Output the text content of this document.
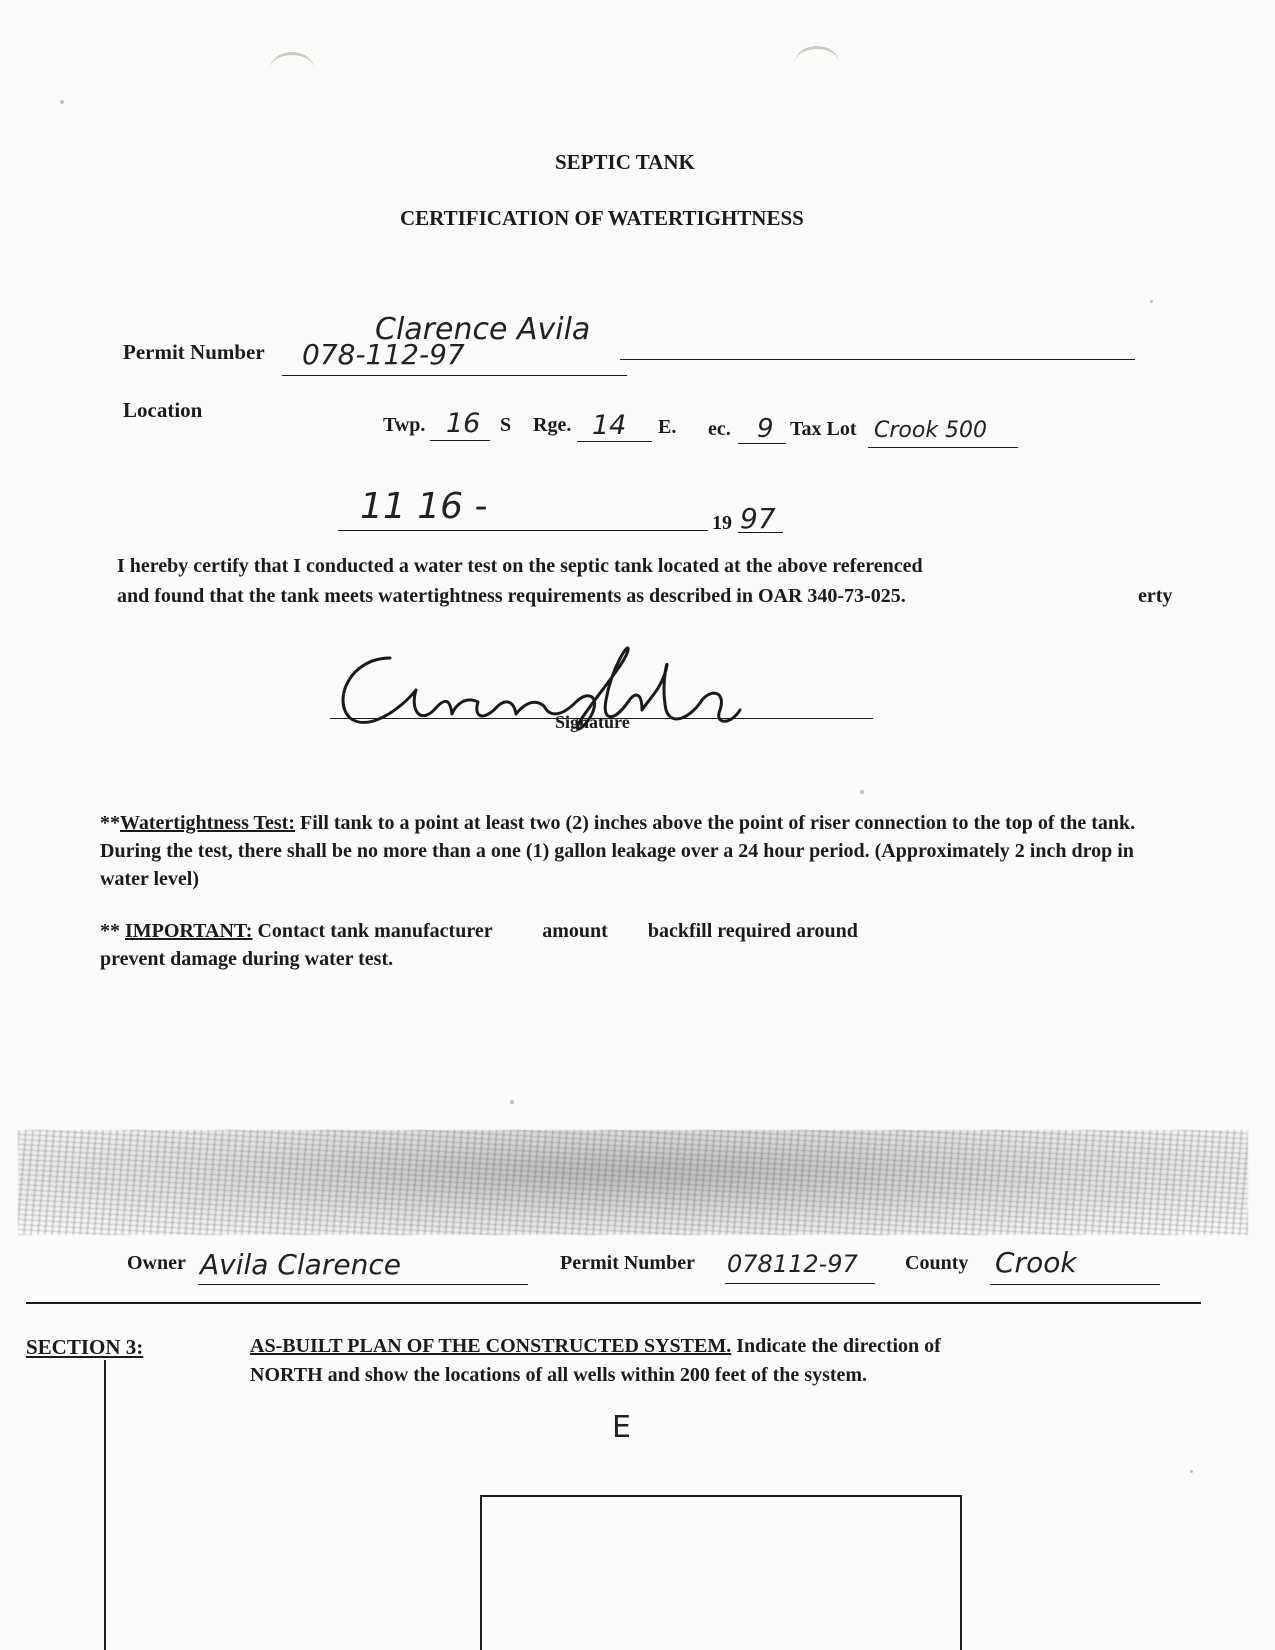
SEPTIC TANK
CERTIFICATION OF WATERTIGHTNESS
Clarence Avila
Permit Number 078-112-97
Location
Twp. 16 S Rge. 14 E. ec. 9 Tax Lot Crook 500
11 16 -	19 97
I hereby certify that I conducted a water test on the septic tank located at the above referenced
erty
and found that the tank meets watertightness requirements as described in OAR 340-73-025.
Signature
**Watertightness Test: Fill tank to a point at least two (2) inches above the point of riser connection to the top of the tank. During the test, there shall be no more than a one (1) gallon leakage over a 24 hour period. (Approximately 2 inch drop in water level)
** IMPORTANT: Contact tank manufacturer	amount backfill required around
prevent damage during water test.
Owner Avila Clarence	Permit Number 078112-97 County Crook
SECTION 3:	AS-BUILT PLAN OF THE CONSTRUCTED SYSTEM. Indicate the direction of
NORTH and show the locations of all wells within 200 feet of the system.
E
